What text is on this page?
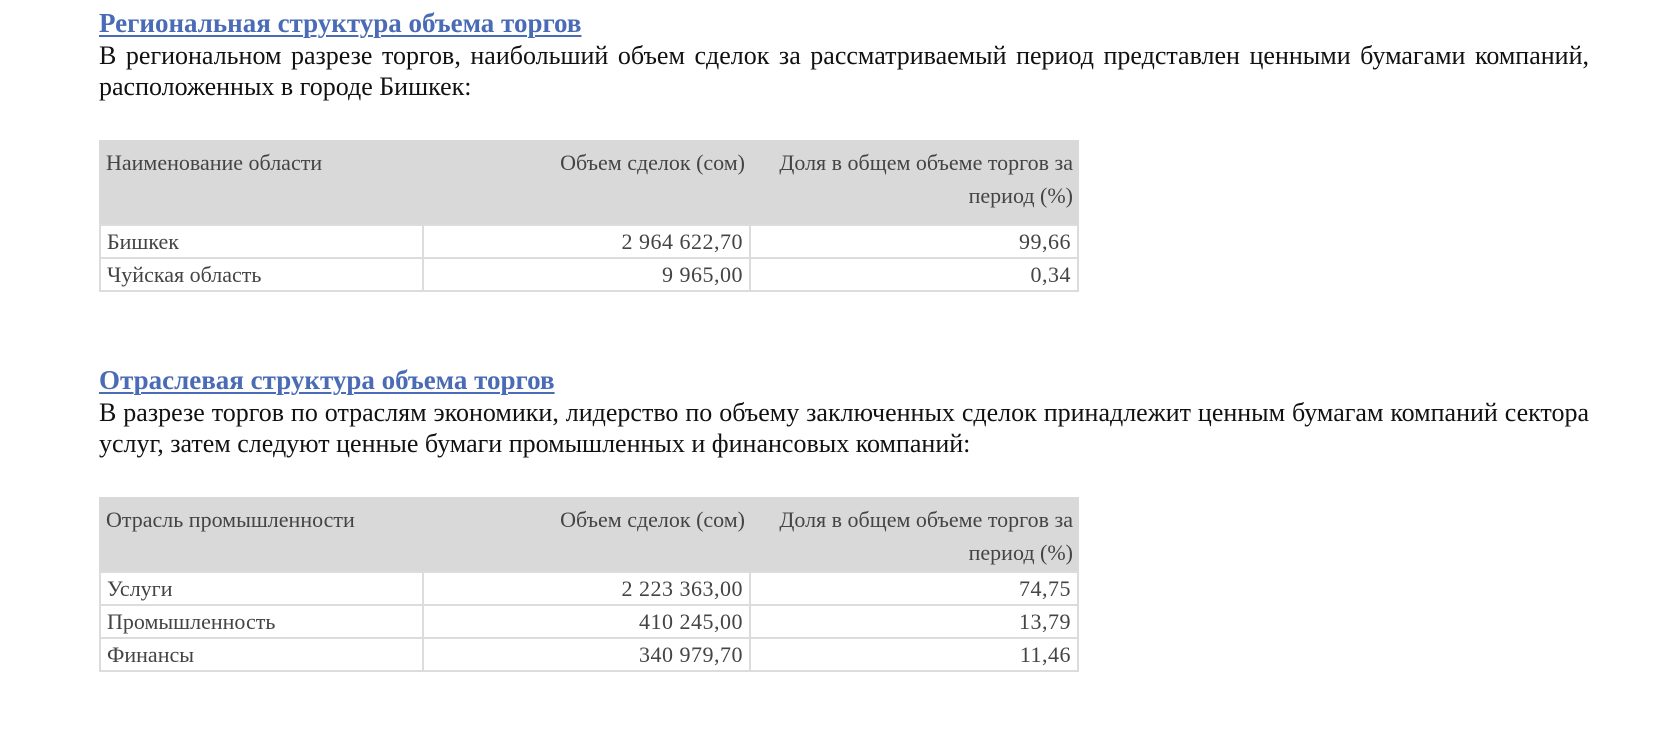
Региональная структура объема торгов

В региональном разрезе торгов, наибольший объем сделок за рассматриваемый период представлен ценными бумагами компаний, расположенных в городе Бишкек:

Наименование области	Объем сделок (сом)	Доля в общем объеме торгов за период (%)
Бишкек	2 964 622,70	99,66
Чуйская область	9 965,00	0,34
Отраслевая структура объема торгов

В разрезе торгов по отраслям экономики, лидерство по объему заключенных сделок принадлежит ценным бумагам компаний сектора услуг, затем следуют ценные бумаги промышленных и финансовых компаний:

Отрасль промышленности	Объем сделок (сом)	Доля в общем объеме торгов за период (%)
Услуги	2 223 363,00	74,75
Промышленность	410 245,00	13,79
Финансы	340 979,70	11,46
